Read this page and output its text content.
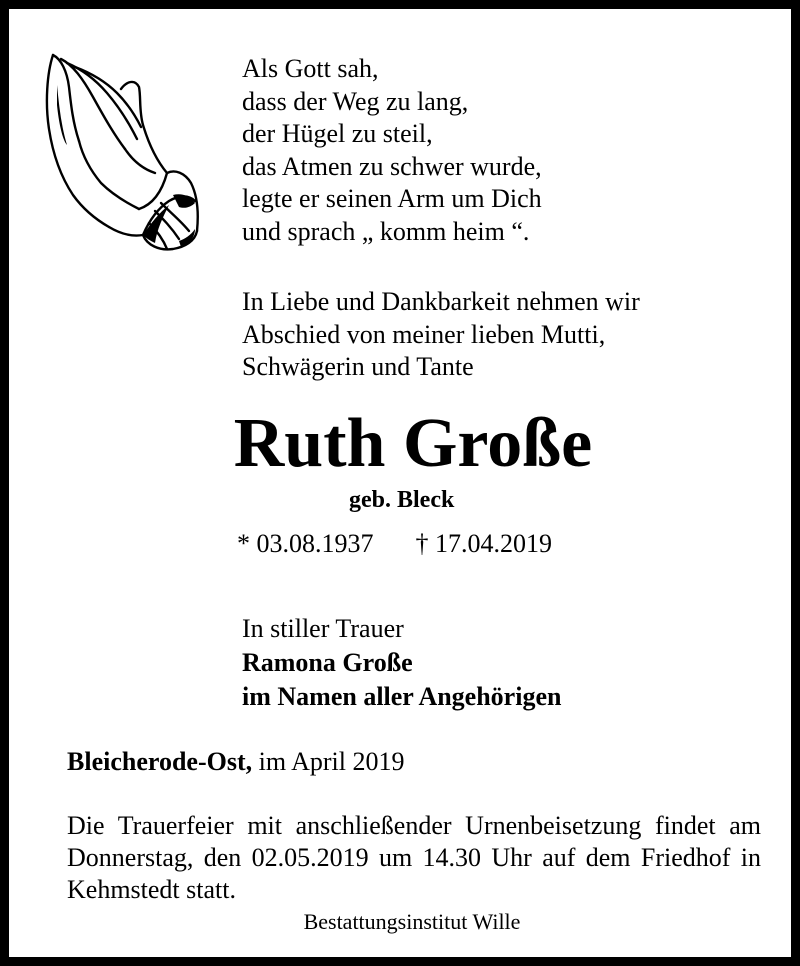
Als Gott sah,
dass der Weg zu lang,
der Hügel zu steil,
das Atmen zu schwer wurde,
legte er seinen Arm um Dich
und sprach „ komm heim “.
In Liebe und Dankbarkeit nehmen wir
Abschied von meiner lieben Mutti,
Schwägerin und Tante
Ruth Große
geb. Bleck
* 03.08.1937 † 17.04.2019
In stiller Trauer
Ramona Große
im Namen aller Angehörigen
Bleicherode-Ost, im April 2019
Die Trauerfeier mit anschließender Urnenbeisetzung findet am Donnerstag, den 02.05.2019 um 14.30 Uhr auf dem Friedhof in Kehmstedt statt.
Bestattungsinstitut Wille
